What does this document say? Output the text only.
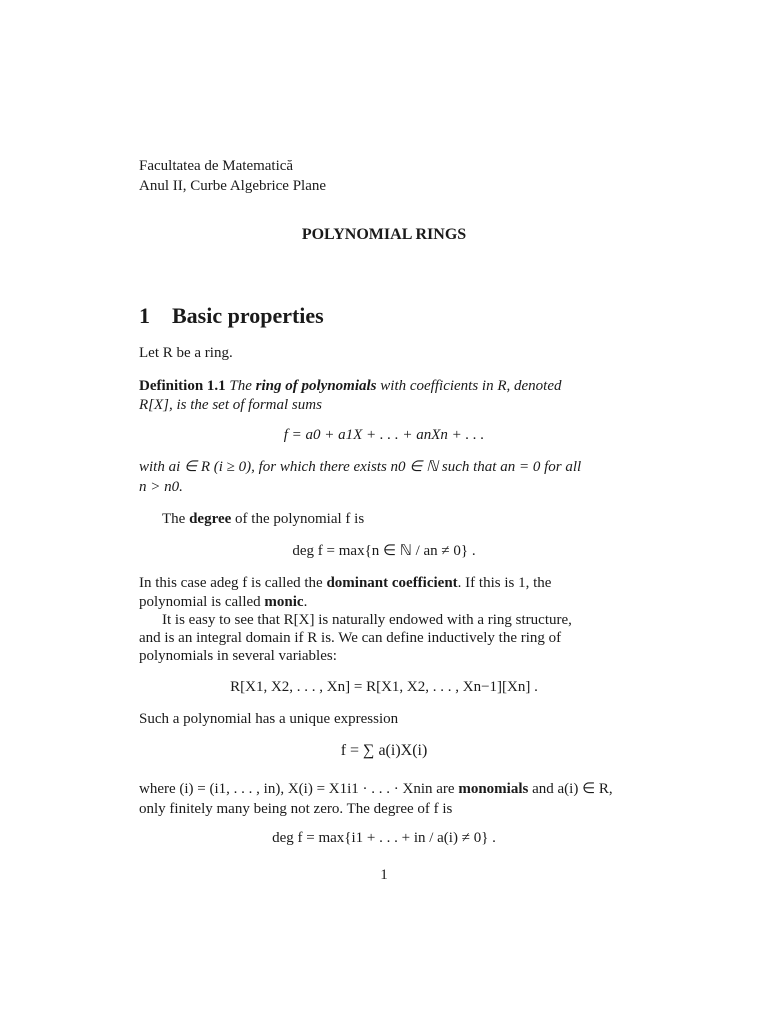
Facultatea de Matematică
Anul II, Curbe Algebrice Plane
POLYNOMIAL RINGS
1 Basic properties
Let R be a ring.
Definition 1.1 The ring of polynomials with coefficients in R, denoted
R[X], is the set of formal sums
f = a0 + a1X + . . . + anXn + . . .
with ai ∈ R (i ≥ 0), for which there exists n0 ∈ ℕ such that an = 0 for all
n > n0.
The degree of the polynomial f is
deg f = max{n ∈ ℕ / an ≠ 0} .
In this case adeg f is called the dominant coefficient. If this is 1, the
polynomial is called monic.
It is easy to see that R[X] is naturally endowed with a ring structure,
and is an integral domain if R is. We can define inductively the ring of
polynomials in several variables:
R[X1, X2, . . . , Xn] = R[X1, X2, . . . , Xn−1][Xn] .
Such a polynomial has a unique expression
f = ∑ a(i)X(i)
where (i) = (i1, . . . , in), X(i) = X1i1 · . . . · Xnin are monomials and a(i) ∈ R,
only finitely many being not zero. The degree of f is
deg f = max{i1 + . . . + in / a(i) ≠ 0} .
1
